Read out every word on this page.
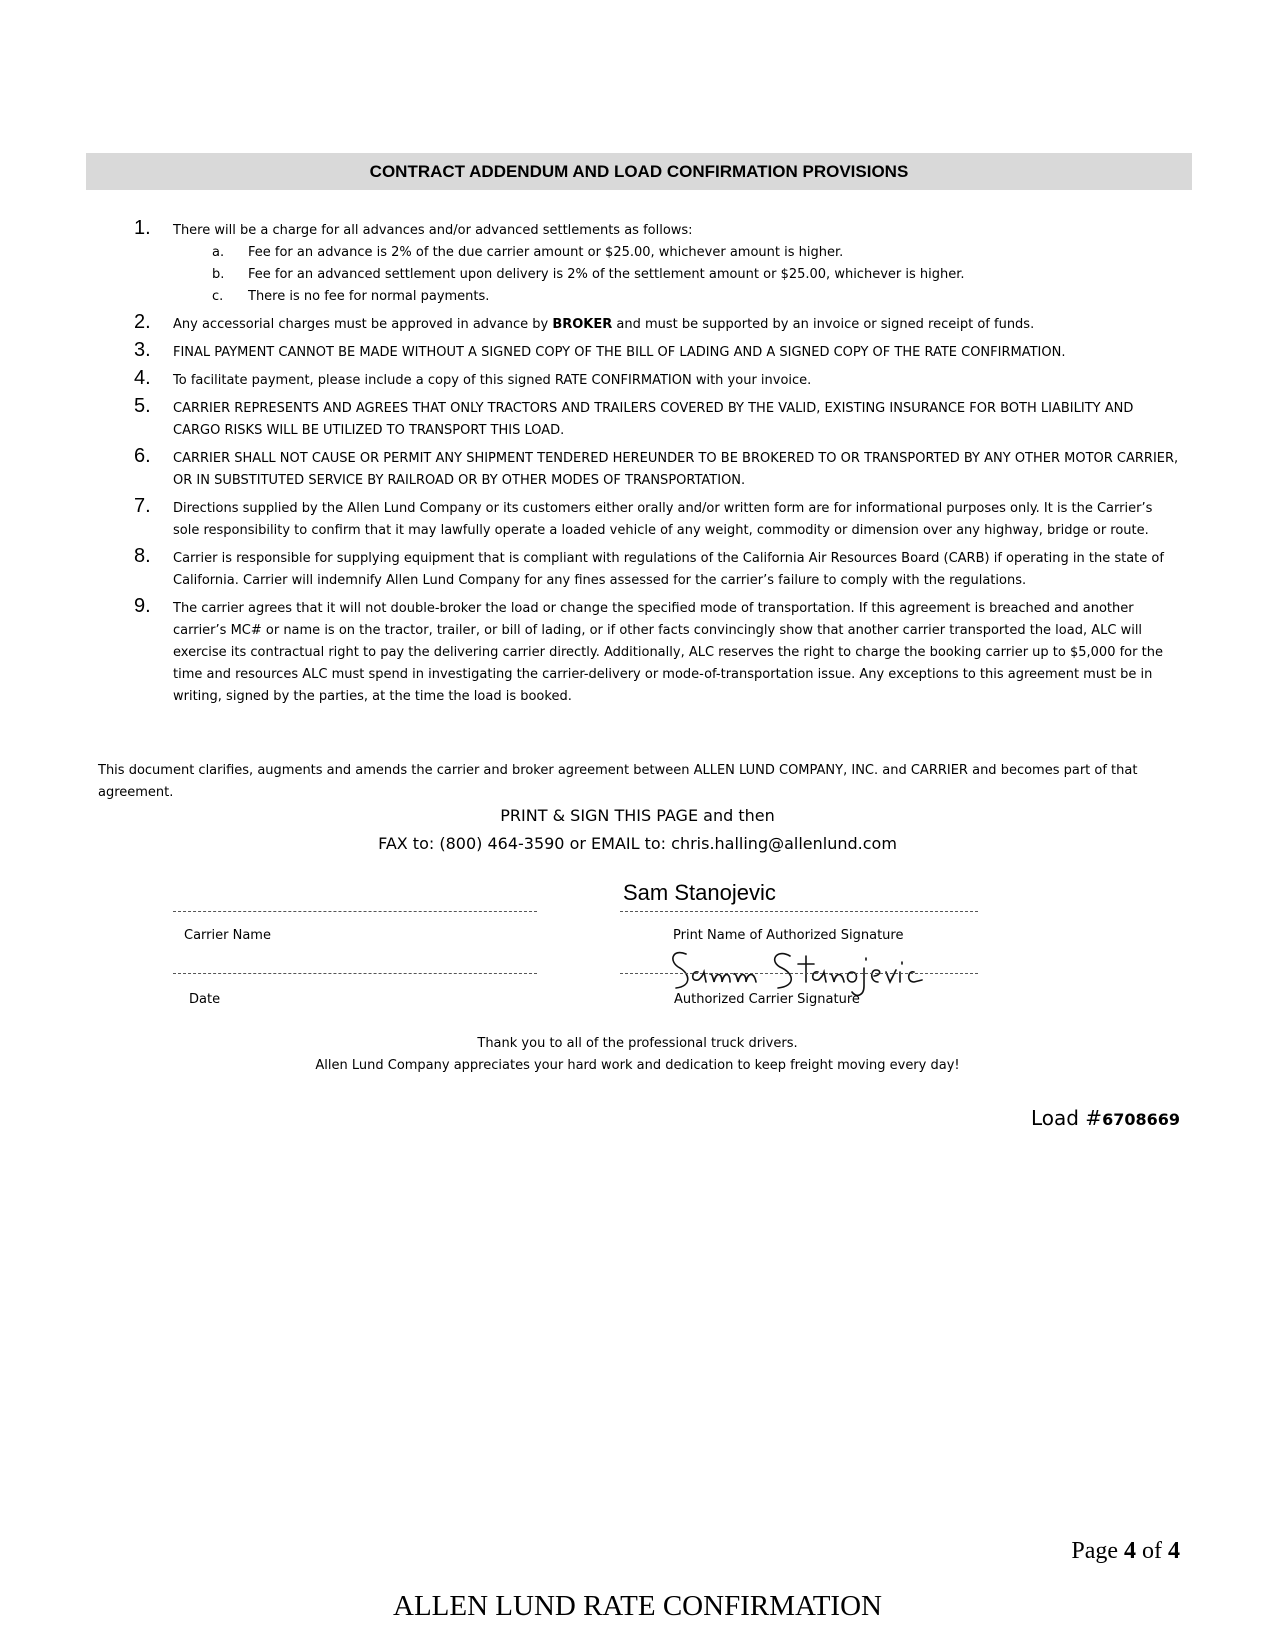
CONTRACT ADDENDUM AND LOAD CONFIRMATION PROVISIONS
1. There will be a charge for all advances and/or advanced settlements as follows:
a. Fee for an advance is 2% of the due carrier amount or $25.00, whichever amount is higher.
b. Fee for an advanced settlement upon delivery is 2% of the settlement amount or $25.00, whichever is higher.
c. There is no fee for normal payments.
2. Any accessorial charges must be approved in advance by BROKER and must be supported by an invoice or signed receipt of funds.
3. FINAL PAYMENT CANNOT BE MADE WITHOUT A SIGNED COPY OF THE BILL OF LADING AND A SIGNED COPY OF THE RATE CONFIRMATION.
4. To facilitate payment, please include a copy of this signed RATE CONFIRMATION with your invoice.
5. CARRIER REPRESENTS AND AGREES THAT ONLY TRACTORS AND TRAILERS COVERED BY THE VALID, EXISTING INSURANCE FOR BOTH LIABILITY AND CARGO RISKS WILL BE UTILIZED TO TRANSPORT THIS LOAD.
6. CARRIER SHALL NOT CAUSE OR PERMIT ANY SHIPMENT TENDERED HEREUNDER TO BE BROKERED TO OR TRANSPORTED BY ANY OTHER MOTOR CARRIER, OR IN SUBSTITUTED SERVICE BY RAILROAD OR BY OTHER MODES OF TRANSPORTATION.
7. Directions supplied by the Allen Lund Company or its customers either orally and/or written form are for informational purposes only. It is the Carrier’s sole responsibility to confirm that it may lawfully operate a loaded vehicle of any weight, commodity or dimension over any highway, bridge or route.
8. Carrier is responsible for supplying equipment that is compliant with regulations of the California Air Resources Board (CARB) if operating in the state of California. Carrier will indemnify Allen Lund Company for any fines assessed for the carrier’s failure to comply with the regulations.
9. The carrier agrees that it will not double-broker the load or change the specified mode of transportation. If this agreement is breached and another carrier’s MC# or name is on the tractor, trailer, or bill of lading, or if other facts convincingly show that another carrier transported the load, ALC will exercise its contractual right to pay the delivering carrier directly. Additionally, ALC reserves the right to charge the booking carrier up to $5,000 for the time and resources ALC must spend in investigating the carrier-delivery or mode-of-transportation issue. Any exceptions to this agreement must be in writing, signed by the parties, at the time the load is booked.
This document clarifies, augments and amends the carrier and broker agreement between ALLEN LUND COMPANY, INC. and CARRIER and becomes part of that agreement.
PRINT & SIGN THIS PAGE and then
FAX to: (800) 464-3590 or EMAIL to: chris.halling@allenlund.com
Sam Stanojevic
Carrier Name	Print Name of Authorized Signature
Samm Stanojevic
Date	Authorized Carrier Signature
Thank you to all of the professional truck drivers.
Allen Lund Company appreciates your hard work and dedication to keep freight moving every day!
Load #6708669
Page 4 of 4
ALLEN LUND RATE CONFIRMATION
